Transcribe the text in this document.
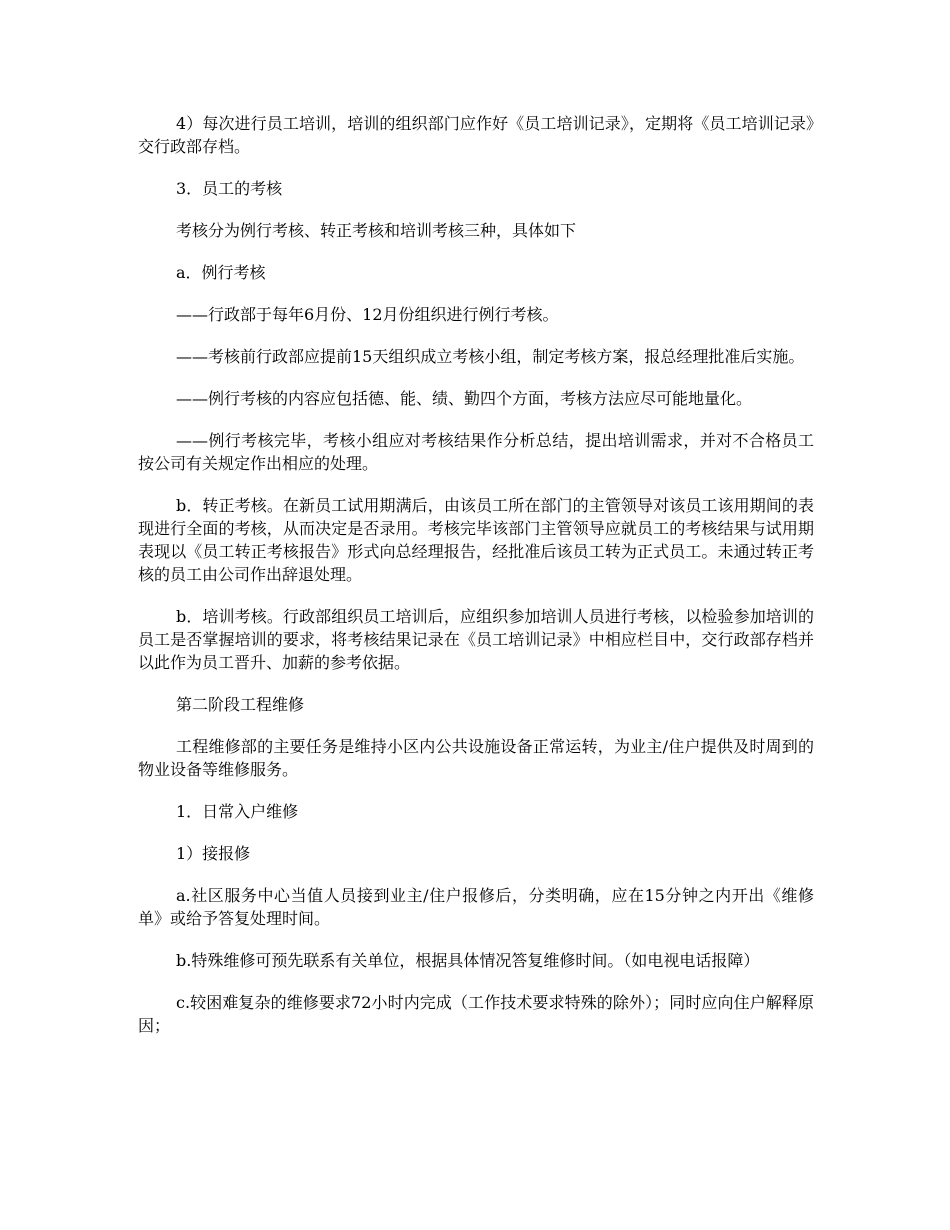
4）每次进行员工培训，培训的组织部门应作好《员工培训记录》，定期将《员工培训记录》交行政部存档。

3．员工的考核

考核分为例行考核、转正考核和培训考核三种，具体如下

a．例行考核

——行政部于每年6月份、12月份组织进行例行考核。

——考核前行政部应提前15天组织成立考核小组，制定考核方案，报总经理批准后实施。

——例行考核的内容应包括德、能、绩、勤四个方面，考核方法应尽可能地量化。

——例行考核完毕，考核小组应对考核结果作分析总结，提出培训需求，并对不合格员工按公司有关规定作出相应的处理。

b．转正考核。在新员工试用期满后，由该员工所在部门的主管领导对该员工该用期间的表现进行全面的考核，从而决定是否录用。考核完毕该部门主管领导应就员工的考核结果与试用期表现以《员工转正考核报告》形式向总经理报告，经批准后该员工转为正式员工。未通过转正考核的员工由公司作出辞退处理。

b．培训考核。行政部组织员工培训后，应组织参加培训人员进行考核，以检验参加培训的员工是否掌握培训的要求，将考核结果记录在《员工培训记录》中相应栏目中，交行政部存档并以此作为员工晋升、加薪的参考依据。

第二阶段工程维修

工程维修部的主要任务是维持小区内公共设施设备正常运转，为业主/住户提供及时周到的物业设备等维修服务。

1．日常入户维修

1）接报修

a.社区服务中心当值人员接到业主/住户报修后，分类明确，应在15分钟之内开出《维修单》或给予答复处理时间。

b.特殊维修可预先联系有关单位，根据具体情况答复维修时间。（如电视电话报障）

c.较困难复杂的维修要求72小时内完成（工作技术要求特殊的除外）；同时应向住户解释原因；
